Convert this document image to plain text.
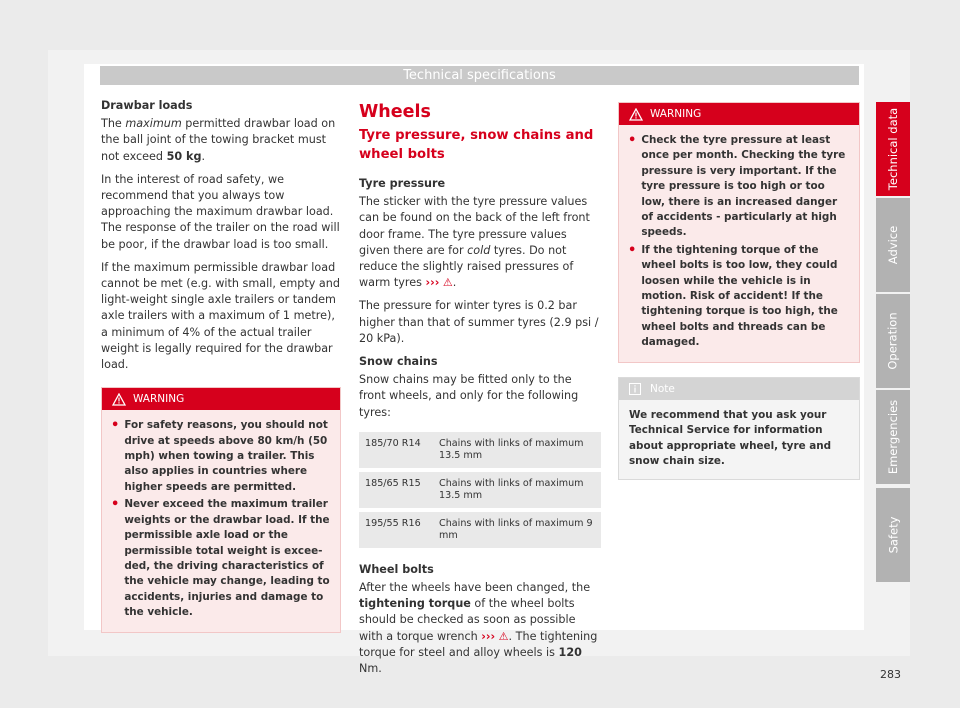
Technical specifications

Drawbar loads

The maximum permitted drawbar load on the ball joint of the towing bracket must not exceed 50 kg.

In the interest of road safety, we recommend that you always tow approaching the maximum drawbar load. The response of the trailer on the road will be poor, if the drawbar load is too small.

If the maximum permissible drawbar load cannot be met (e.g. with small, empty and light-weight single axle trailers or tandem axle trailers with a maximum of 1 metre), a minimum of 4% of the actual trailer weight is legally required for the drawbar load.

WARNING
• For safety reasons, you should not drive at speeds above 80 km/h (50 mph) when towing a trailer. This also applies in countries where higher speeds are permitted.
• Never exceed the maximum trailer weights or the drawbar load. If the permissible axle load or the permissible total weight is exceeded, the driving characteristics of the vehicle may change, leading to accidents, injuries and damage to the vehicle.
Wheels
Tyre pressure, snow chains and wheel bolts

Tyre pressure

The sticker with the tyre pressure values can be found on the back of the left front door frame. The tyre pressure values given there are for cold tyres. Do not reduce the slightly raised pressures of warm tyres ››› ⚠.

The pressure for winter tyres is 0.2 bar higher than that of summer tyres (2.9 psi / 20 kPa).

Snow chains

Snow chains may be fitted only to the front wheels, and only for the following tyres:

185/70 R14	Chains with links of maximum 13.5 mm
185/65 R15	Chains with links of maximum 13.5 mm
195/55 R16	Chains with links of maximum 9 mm

Wheel bolts

After the wheels have been changed, the tightening torque of the wheel bolts should be checked as soon as possible with a torque wrench ››› ⚠. The tightening torque for steel and alloy wheels is 120 Nm.

WARNING
• Check the tyre pressure at least once per month. Checking the tyre pressure is very important. If the tyre pressure is too high or too low, there is an increased danger of accidents - particularly at high speeds.
• If the tightening torque of the wheel bolts is too low, they could loosen while the vehicle is in motion. Risk of accident! If the tightening torque is too high, the wheel bolts and threads can be damaged.
Note
We recommend that you ask your Technical Service for information about appropriate wheel, tyre and snow chain size.
Technical data
Advice
Operation
Emergencies
Safety
283
